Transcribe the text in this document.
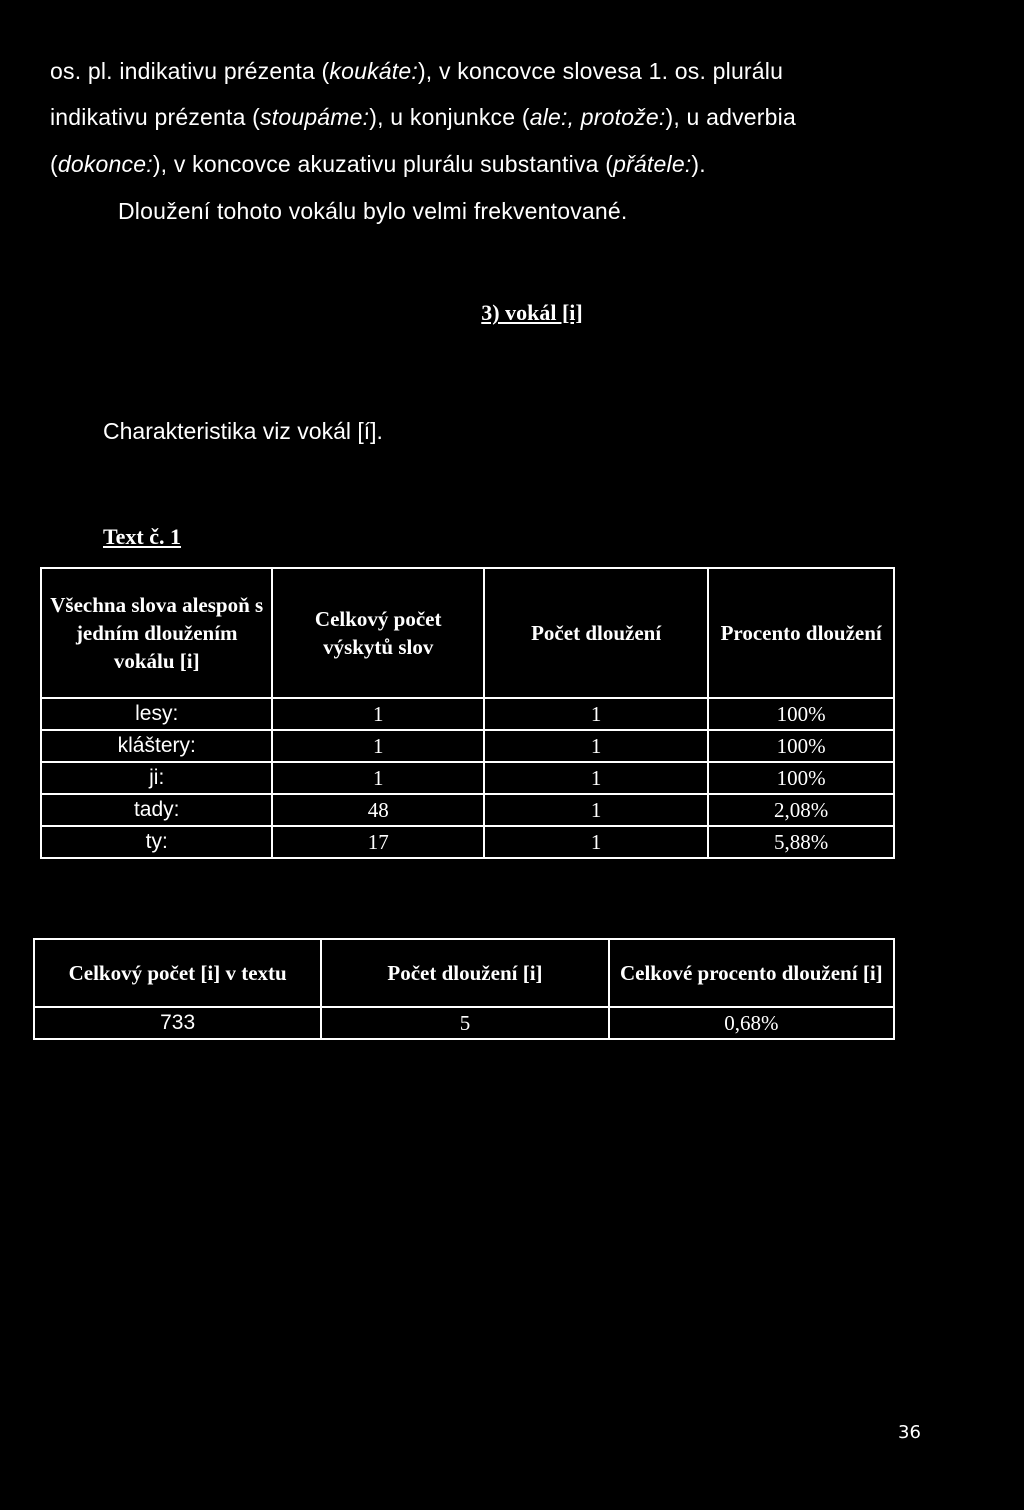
os. pl. indikativu prézenta (koukáte:), v koncovce slovesa 1. os. plurálu
indikativu prézenta (stoupáme:), u konjunkce (ale:, protože:), u adverbia
(dokonce:), v koncovce akuzativu plurálu substantiva (přátele:).
Dloužení tohoto vokálu bylo velmi frekventované.
3) vokál [i]
Charakteristika viz vokál [í].
Text č. 1
Všechna slova alespoň s jedním dloužením vokálu [i]	Celkový počet výskytů slov	Počet dloužení	Procento dloužení
lesy:	1	1	100%
kláštery:	1	1	100%
ji:	1	1	100%
tady:	48	1	2,08%
ty:	17	1	5,88%
Celkový počet [i] v textu	Počet dloužení [i]	Celkové procento dloužení [i]
733	5	0,68%
36
